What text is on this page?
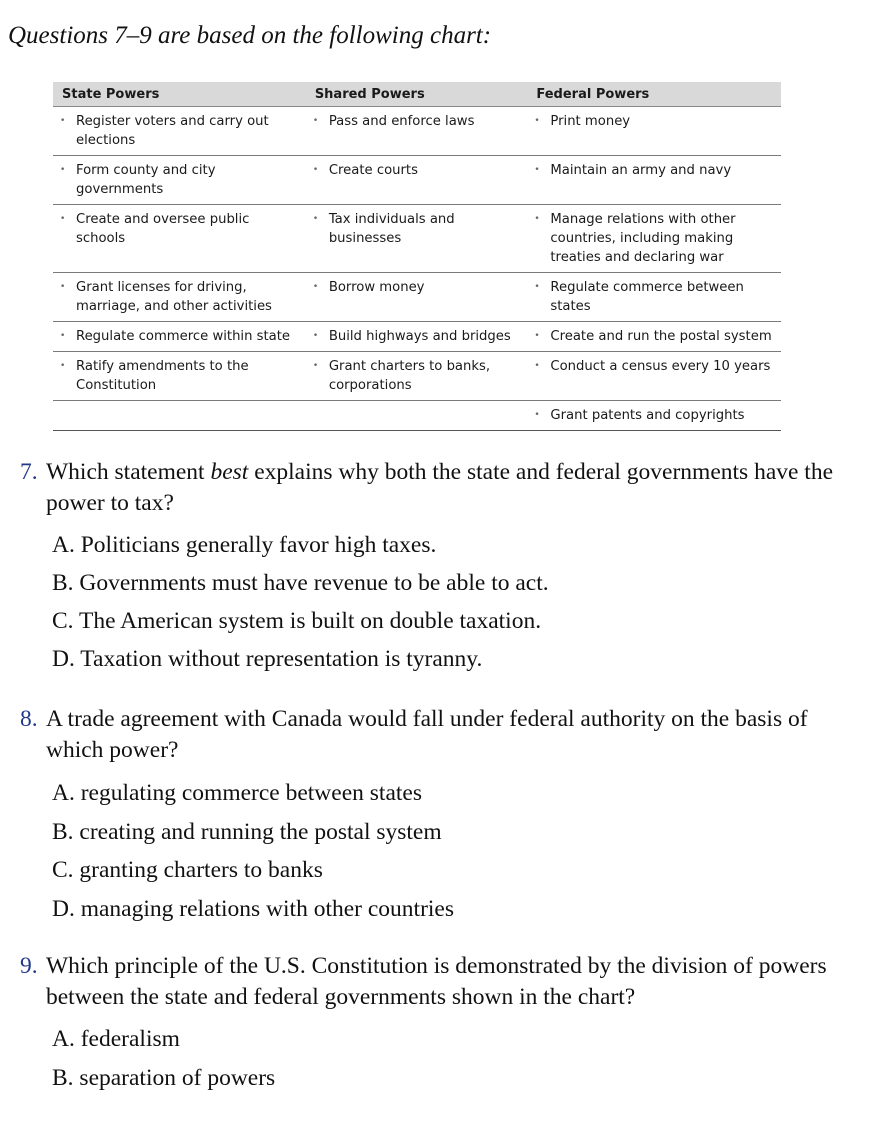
Questions 7–9 are based on the following chart:
State Powers	Shared Powers	Federal Powers

• Register voters and carry out elections	• Pass and enforce laws	• Print money

• Form county and city governments	• Create courts	• Maintain an army and navy

• Create and oversee public schools	• Tax individuals and businesses	• Manage relations with other countries, including making treaties and declaring war

• Grant licenses for driving, marriage, and other activities	• Borrow money	• Regulate commerce between states

• Regulate commerce within state	• Build highways and bridges	• Create and run the postal system

• Ratify amendments to the Constitution	• Grant charters to banks, corporations	• Conduct a census every 10 years

		• Grant patents and copyrights
7. Which statement best explains why both the state and federal governments have the power to tax?
A. Politicians generally favor high taxes.
B. Governments must have revenue to be able to act.
C. The American system is built on double taxation.
D. Taxation without representation is tyranny.
8. A trade agreement with Canada would fall under federal authority on the basis of which power?
A. regulating commerce between states
B. creating and running the postal system
C. granting charters to banks
D. managing relations with other countries
9. Which principle of the U.S. Constitution is demonstrated by the division of powers between the state and federal governments shown in the chart?
A. federalism
B. separation of powers
